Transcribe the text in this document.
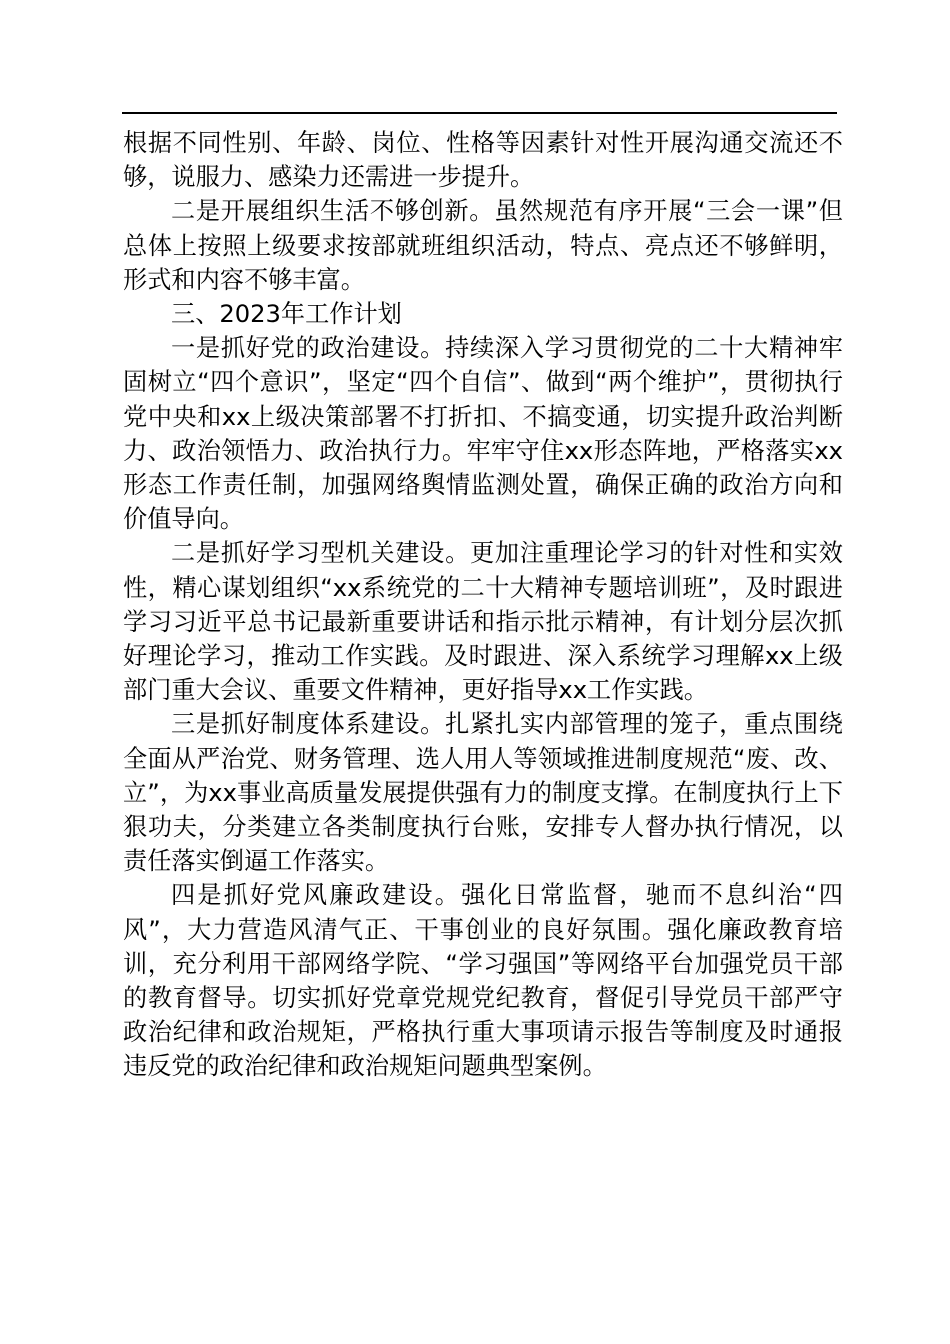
根据不同性别、年龄、岗位、性格等因素针对性开展沟通交流还不够，说服力、感染力还需进一步提升。

二是开展组织生活不够创新。虽然规范有序开展“三会一课”但总体上按照上级要求按部就班组织活动，特点、亮点还不够鲜明，形式和内容不够丰富。

三、2023年工作计划

一是抓好党的政治建设。持续深入学习贯彻党的二十大精神牢固树立“四个意识”，坚定“四个自信”、做到“两个维护”，贯彻执行党中央和xx上级决策部署不打折扣、不搞变通，切实提升政治判断力、政治领悟力、政治执行力。牢牢守住xx形态阵地，严格落实xx形态工作责任制，加强网络舆情监测处置，确保正确的政治方向和价值导向。

二是抓好学习型机关建设。更加注重理论学习的针对性和实效性，精心谋划组织“xx系统党的二十大精神专题培训班”，及时跟进学习习近平总书记最新重要讲话和指示批示精神，有计划分层次抓好理论学习，推动工作实践。及时跟进、深入系统学习理解xx上级部门重大会议、重要文件精神，更好指导xx工作实践。

三是抓好制度体系建设。扎紧扎实内部管理的笼子，重点围绕全面从严治党、财务管理、选人用人等领域推进制度规范“废、改、立”，为xx事业高质量发展提供强有力的制度支撑。在制度执行上下狠功夫，分类建立各类制度执行台账，安排专人督办执行情况，以责任落实倒逼工作落实。

四是抓好党风廉政建设。强化日常监督，驰而不息纠治“四风”，大力营造风清气正、干事创业的良好氛围。强化廉政教育培训，充分利用干部网络学院、“学习强国”等网络平台加强党员干部的教育督导。切实抓好党章党规党纪教育，督促引导党员干部严守政治纪律和政治规矩，严格执行重大事项请示报告等制度及时通报违反党的政治纪律和政治规矩问题典型案例。
